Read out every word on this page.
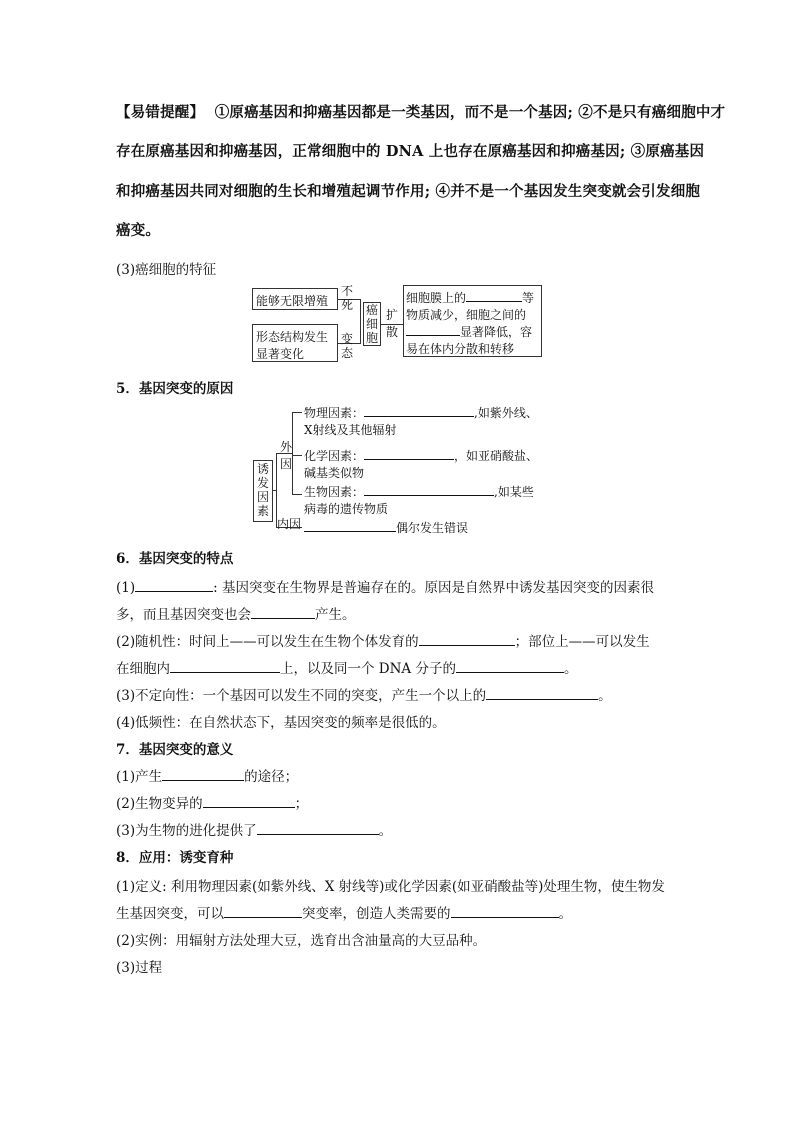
【易错提醒】 ①原癌基因和抑癌基因都是一类基因，而不是一个基因; ②不是只有癌细胞中才
存在原癌基因和抑癌基因，正常细胞中的 DNA 上也存在原癌基因和抑癌基因; ③原癌基因
和抑癌基因共同对细胞的生长和增殖起调节作用; ④并不是一个基因发生突变就会引发细胞
癌变。
(3)癌细胞的特征
能够无限增殖
形态结构发生
显著变化
不
死
变
态
癌
细
胞
扩
散
细胞膜上的	等
物质减少，细胞之间的
显著降低，容
易在体内分散和转移
5．基因突变的原因
诱
发
因
素
外
因
内因
物理因素：	,如紫外线、
X射线及其他辐射
化学因素：	，如亚硝酸盐、
碱基类似物
生物因素：	,如某些
病毒的遗传物质
偶尔发生错误
6．基因突变的特点
(1)	: 基因突变在生物界是普遍存在的。原因是自然界中诱发基因突变的因素很
多，而且基因突变也会	产生。
(2)随机性：时间上——可以发生在生物个体发育的	；部位上——可以发生
在细胞内	上，以及同一个 DNA 分子的	。
(3)不定向性：一个基因可以发生不同的突变，产生一个以上的	。
(4)低频性：在自然状态下，基因突变的频率是很低的。
7．基因突变的意义
(1)产生	的途径；
(2)生物变异的	；
(3)为生物的进化提供了	。
8．应用：诱变育种
(1)定义: 利用物理因素(如紫外线、X 射线等)或化学因素(如亚硝酸盐等)处理生物，使生物发
生基因突变，可以	突变率，创造人类需要的	。
(2)实例：用辐射方法处理大豆，选育出含油量高的大豆品种。
(3)过程
